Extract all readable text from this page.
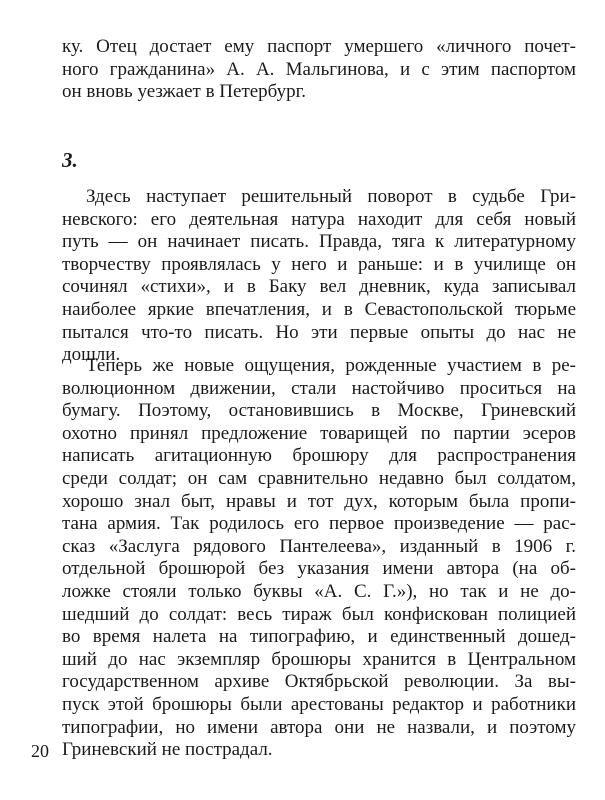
ку. Отец достает ему паспорт умершего «личного почет-
ного гражданина» А. А. Мальгинова, и с этим паспортом
он вновь уезжает в Петербург.
3.
Здесь наступает решительный поворот в судьбе Гри-
невского: его деятельная натура находит для себя новый
путь — он начинает писать. Правда, тяга к литературному
творчеству проявлялась у него и раньше: и в училище он
сочинял «стихи», и в Баку вел дневник, куда записывал
наиболее яркие впечатления, и в Севастопольской тюрьме
пытался что-то писать. Но эти первые опыты до нас не
дошли.
Теперь же новые ощущения, рожденные участием в ре-
волюционном движении, стали настойчиво проситься на
бумагу. Поэтому, остановившись в Москве, Гриневский
охотно принял предложение товарищей по партии эсеров
написать агитационную брошюру для распространения
среди солдат; он сам сравнительно недавно был солдатом,
хорошо знал быт, нравы и тот дух, которым была пропи-
тана армия. Так родилось его первое произведение — рас-
сказ «Заслуга рядового Пантелеева», изданный в 1906 г.
отдельной брошюрой без указания имени автора (на об-
ложке стояли только буквы «А. С. Г.»), но так и не до-
шедший до солдат: весь тираж был конфискован полицией
во время налета на типографию, и единственный дошед-
ший до нас экземпляр брошюры хранится в Центральном
государственном архиве Октябрьской революции. За вы-
пуск этой брошюры были арестованы редактор и работники
типографии, но имени автора они не назвали, и поэтому
Гриневский не пострадал.
20
